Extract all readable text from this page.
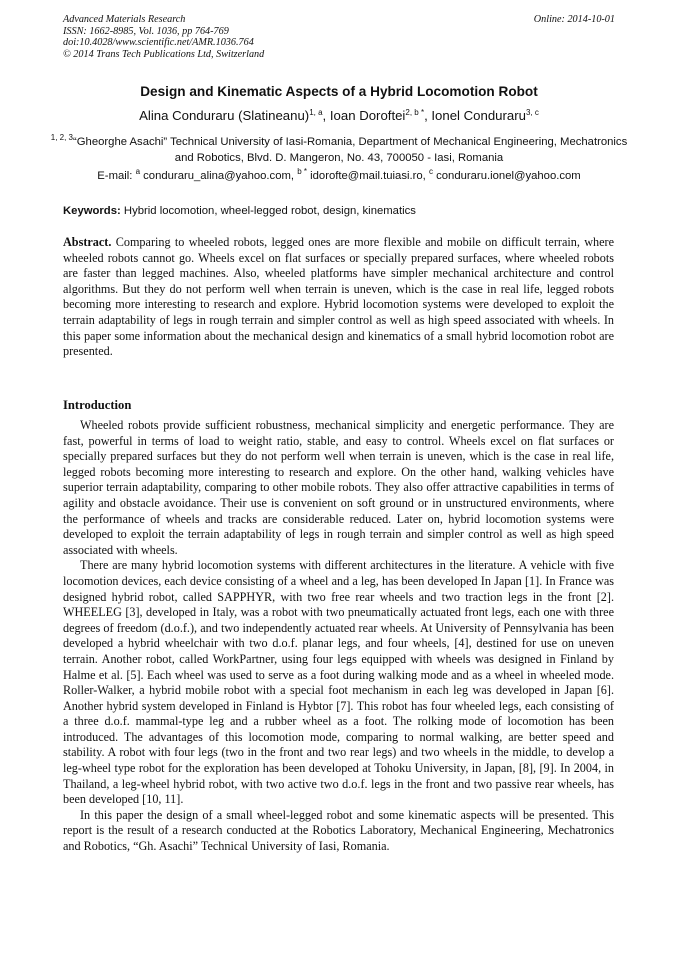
Advanced Materials Research
ISSN: 1662-8985, Vol. 1036, pp 764-769
doi:10.4028/www.scientific.net/AMR.1036.764
© 2014 Trans Tech Publications Ltd, Switzerland
Online: 2014-10-01
Design and Kinematic Aspects of a Hybrid Locomotion Robot
Alina Conduraru (Slatineanu)$^{1, a}$, Ioan Doroftei$^{2, b *}$, Ionel Conduraru$^{3, c}$
$^{1, 2, 3}$“Gheorghe Asachi” Technical University of Iasi-Romania, Department of Mechanical Engineering, Mechatronics and Robotics, Blvd. D. Mangeron, No. 43, 700050 - Iasi, Romania
E-mail: $^a$ conduraru_alina@yahoo.com, $^{b *}$ idorofte@mail.tuiasi.ro, $^c$ conduraru.ionel@yahoo.com
Keywords: Hybrid locomotion, wheel-legged robot, design, kinematics
Abstract. Comparing to wheeled robots, legged ones are more flexible and mobile on difficult terrain, where wheeled robots cannot go. Wheels excel on flat surfaces or specially prepared surfaces, where wheeled robots are faster than legged machines. Also, wheeled platforms have simpler mechanical architecture and control algorithms. But they do not perform well when terrain is uneven, which is the case in real life, legged robots becoming more interesting to research and explore. Hybrid locomotion systems were developed to exploit the terrain adaptability of legs in rough terrain and simpler control as well as high speed associated with wheels. In this paper some information about the mechanical design and kinematics of a small hybrid locomotion robot are presented.
Introduction

Wheeled robots provide sufficient robustness, mechanical simplicity and energetic performance. They are fast, powerful in terms of load to weight ratio, stable, and easy to control. Wheels excel on flat surfaces or specially prepared surfaces but they do not perform well when terrain is uneven, which is the case in real life, legged robots becoming more interesting to research and explore. On the other hand, walking vehicles have superior terrain adaptability, comparing to other mobile robots. They also offer attractive capabilities in terms of agility and obstacle avoidance. Their use is convenient on soft ground or in unstructured environments, where the performance of wheels and tracks are considerable reduced. Later on, hybrid locomotion systems were developed to exploit the terrain adaptability of legs in rough terrain and simpler control as well as high speed associated with wheels.

There are many hybrid locomotion systems with different architectures in the literature. A vehicle with five locomotion devices, each device consisting of a wheel and a leg, has been developed In Japan [1]. In France was designed hybrid robot, called SAPPHYR, with two free rear wheels and two traction legs in the front [2]. WHEELEG [3], developed in Italy, was a robot with two pneumatically actuated front legs, each one with three degrees of freedom (d.o.f.), and two independently actuated rear wheels. At University of Pennsylvania has been developed a hybrid wheelchair with two d.o.f. planar legs, and four wheels, [4], destined for use on uneven terrain. Another robot, called WorkPartner, using four legs equipped with wheels was designed in Finland by Halme et al. [5]. Each wheel was used to serve as a foot during walking mode and as a wheel in wheeled mode. Roller-Walker, a hybrid mobile robot with a special foot mechanism in each leg was developed in Japan [6]. Another hybrid system developed in Finland is Hybtor [7]. This robot has four wheeled legs, each consisting of a three d.o.f. mammal-type leg and a rubber wheel as a foot. The rolking mode of locomotion has been introduced. The advantages of this locomotion mode, comparing to normal walking, are better speed and stability. A robot with four legs (two in the front and two rear legs) and two wheels in the middle, to develop a leg-wheel type robot for the exploration has been developed at Tohoku University, in Japan, [8], [9]. In 2004, in Thailand, a leg-wheel hybrid robot, with two active two d.o.f. legs in the front and two passive rear wheels, has been developed [10, 11].

In this paper the design of a small wheel-legged robot and some kinematic aspects will be presented. This report is the result of a research conducted at the Robotics Laboratory, Mechanical Engineering, Mechatronics and Robotics, “Gh. Asachi” Technical University of Iasi, Romania.
